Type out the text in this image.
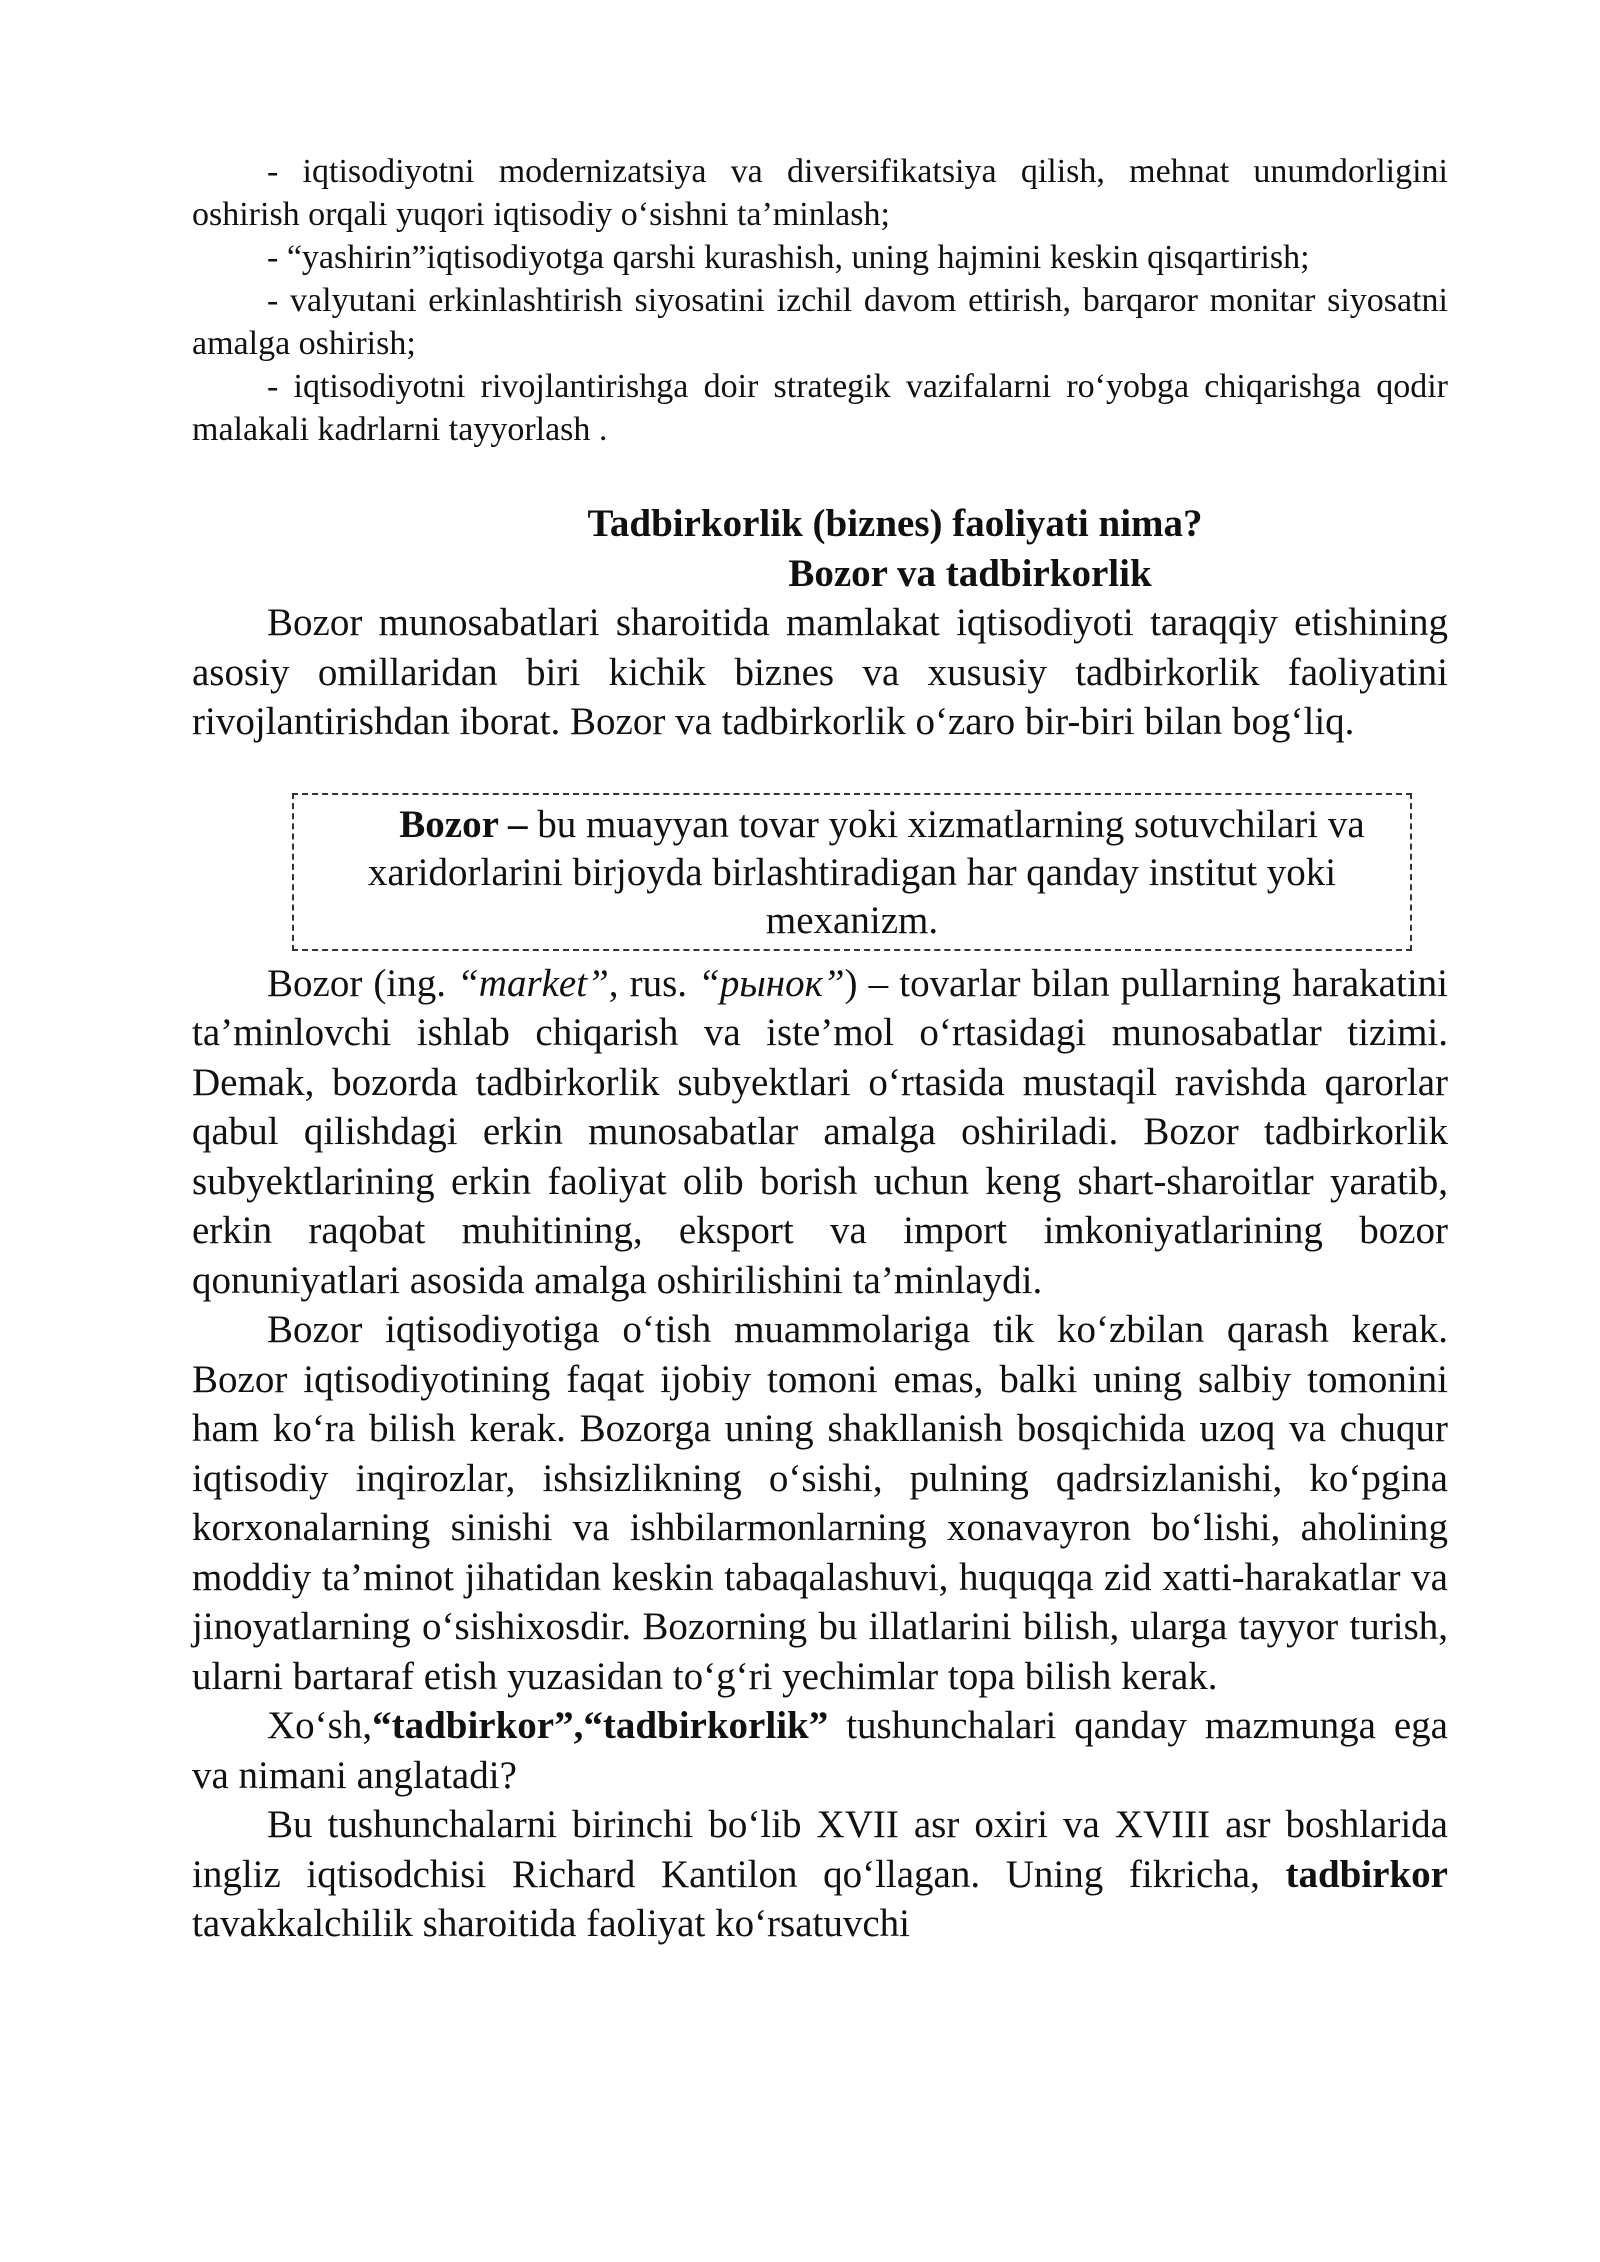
- iqtisodiyotni modernizatsiya va diversifikatsiya qilish, mehnat unumdorligini oshirish orqali yuqori iqtisodiy o‘sishni ta’minlash;

- “yashirin”iqtisodiyotga qarshi kurashish, uning hajmini keskin qisqartirish;

- valyutani erkinlashtirish siyosatini izchil davom ettirish, barqaror monitar siyosatni amalga oshirish;

- iqtisodiyotni rivojlantirishga doir strategik vazifalarni ro‘yobga chiqarishga qodir malakali kadrlarni tayyorlash .

Tadbirkorlik (biznes) faoliyati nima?
Bozor va tadbirkorlik

Bozor munosabatlari sharoitida mamlakat iqtisodiyoti taraqqiy etishining asosiy omillaridan biri kichik biznes va xususiy tadbirkorlik faoliyatini rivojlantirishdan iborat. Bozor va tadbirkorlik o‘zaro bir-biri bilan bog‘liq.

Bozor – bu muayyan tovar yoki xizmatlarning sotuvchilari va xaridorlarini birjoyda birlashtiradigan har qanday institut yoki mexanizm.

Bozor (ing. “market”, rus. “рынок”) – tovarlar bilan pullarning harakatini ta’minlovchi ishlab chiqarish va iste’mol o‘rtasidagi munosabatlar tizimi. Demak, bozorda tadbirkorlik subyektlari o‘rtasida mustaqil ravishda qarorlar qabul qilishdagi erkin munosabatlar amalga oshiriladi. Bozor tadbirkorlik subyektlarining erkin faoliyat olib borish uchun keng shart-sharoitlar yaratib, erkin raqobat muhitining, eksport va import imkoniyatlarining bozor qonuniyatlari asosida amalga oshirilishini ta’minlaydi.

Bozor iqtisodiyotiga o‘tish muammolariga tik ko‘zbilan qarash kerak. Bozor iqtisodiyotining faqat ijobiy tomoni emas, balki uning salbiy tomonini ham ko‘ra bilish kerak. Bozorga uning shakllanish bosqichida uzoq va chuqur iqtisodiy inqirozlar, ishsizlikning o‘sishi, pulning qadrsizlanishi, ko‘pgina korxonalarning sinishi va ishbilarmonlarning xonavayron bo‘lishi, aholining moddiy ta’minot jihatidan keskin tabaqalashuvi, huquqqa zid xatti-harakatlar va jinoyatlarning o‘sishixosdir. Bozorning bu illatlarini bilish, ularga tayyor turish, ularni bartaraf etish yuzasidan to‘g‘ri yechimlar topa bilish kerak.

Xo‘sh,“tadbirkor”,“tadbirkorlik” tushunchalari qanday mazmunga ega va nimani anglatadi?

Bu tushunchalarni birinchi bo‘lib XVII asr oxiri va XVIII asr boshlarida ingliz iqtisodchisi Richard Kantilon qo‘llagan. Uning fikricha, tadbirkor tavakkalchilik sharoitida faoliyat ko‘rsatuvchi
